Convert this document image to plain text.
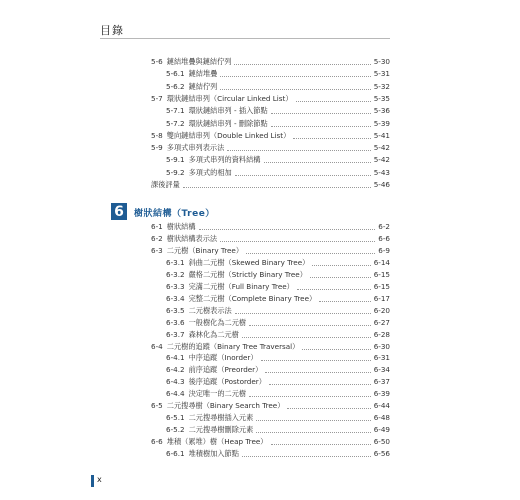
目錄
5-6 鏈結堆疊與鏈結佇列	5-30
5-6.1 鏈結堆疊	5-31
5-6.2 鏈結佇列	5-32
5-7 環狀鏈結串列（Circular Linked List）	5-35
5-7.1 環狀鏈結串列 - 插入節點	5-36
5-7.2 環狀鏈結串列 - 刪除節點	5-39
5-8 雙向鏈結串列（Double Linked List）	5-41
5-9 多項式串列表示法	5-42
5-9.1 多項式串列的資料結構	5-42
5-9.2 多項式的相加	5-43
課後評量	5-46
6-1 樹狀結構	6-2
6-2 樹狀結構表示法	6-6
6-3 二元樹（Binary Tree）	6-9
6-3.1 斜曲二元樹（Skewed Binary Tree）	6-14
6-3.2 嚴格二元樹（Strictly Binary Tree）	6-15
6-3.3 完滿二元樹（Full Binary Tree）	6-15
6-3.4 完整二元樹（Complete Binary Tree）	6-17
6-3.5 二元樹表示法	6-20
6-3.6 一般樹化為二元樹	6-27
6-3.7 森林化為二元樹	6-28
6-4 二元樹的追蹤（Binary Tree Traversal）	6-30
6-4.1 中序追蹤（Inorder）	6-31
6-4.2 前序追蹤（Preorder）	6-34
6-4.3 後序追蹤（Postorder）	6-37
6-4.4 決定唯一的二元樹	6-39
6-5 二元搜尋樹（Binary Search Tree）	6-44
6-5.1 二元搜尋樹插入元素	6-48
6-5.2 二元搜尋樹刪除元素	6-49
6-6 堆積（累堆）樹（Heap Tree）	6-50
6-6.1 堆積樹加入節點	6-56
6	樹狀結構（Tree）
x
